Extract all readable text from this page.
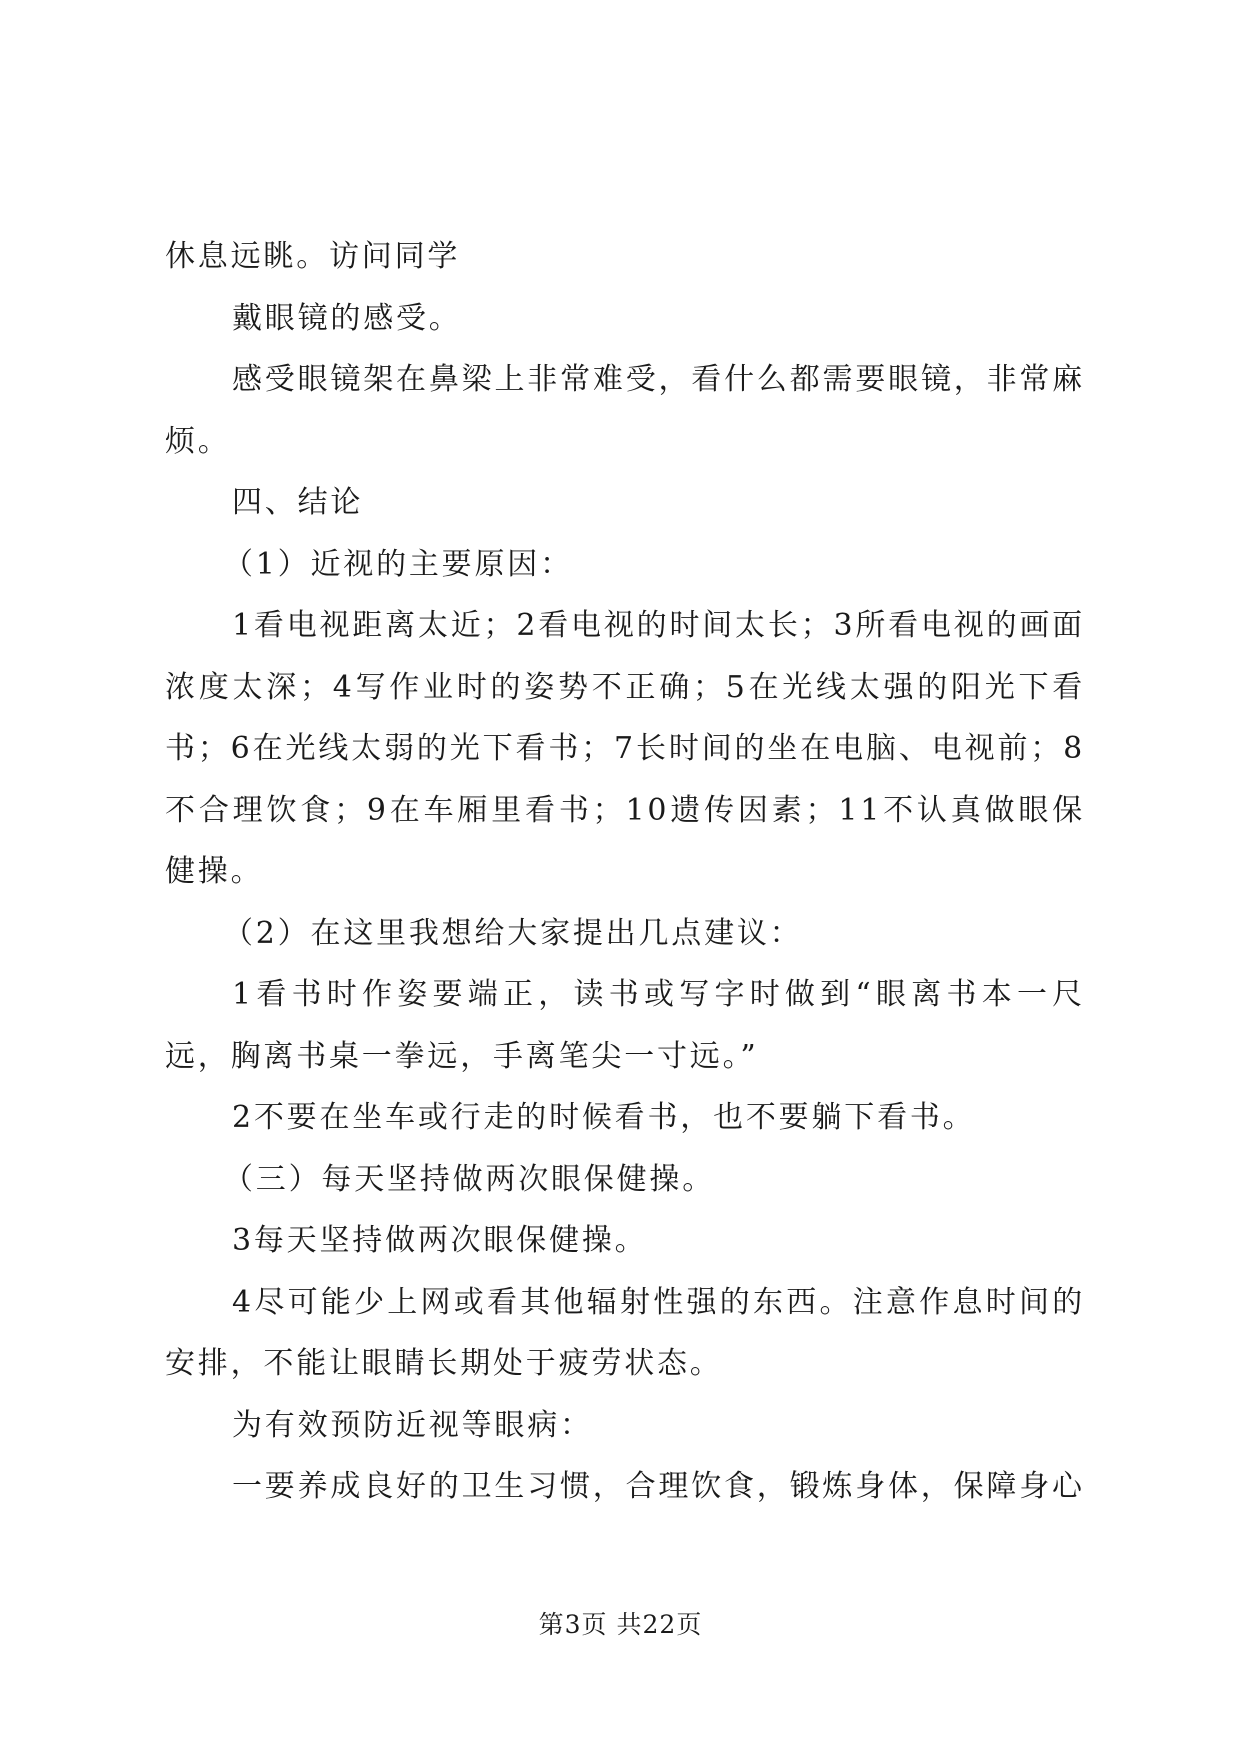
休息远眺。访问同学

戴眼镜的感受。

感受眼镜架在鼻梁上非常难受，看什么都需要眼镜，非常麻烦。

四、结论

（1）近视的主要原因：

1看电视距离太近；2看电视的时间太长；3所看电视的画面浓度太深；4写作业时的姿势不正确；5在光线太强的阳光下看书；6在光线太弱的光下看书；7长时间的坐在电脑、电视前；8不合理饮食；9在车厢里看书；10遗传因素；11不认真做眼保健操。

（2）在这里我想给大家提出几点建议：

1看书时作姿要端正，读书或写字时做到“眼离书本一尺远，胸离书桌一拳远，手离笔尖一寸远。”

2不要在坐车或行走的时候看书，也不要躺下看书。

（三）每天坚持做两次眼保健操。

3每天坚持做两次眼保健操。

4尽可能少上网或看其他辐射性强的东西。注意作息时间的安排，不能让眼睛长期处于疲劳状态。

为有效预防近视等眼病：

一要养成良好的卫生习惯，合理饮食，锻炼身体，保障身心

第3页 共22页
